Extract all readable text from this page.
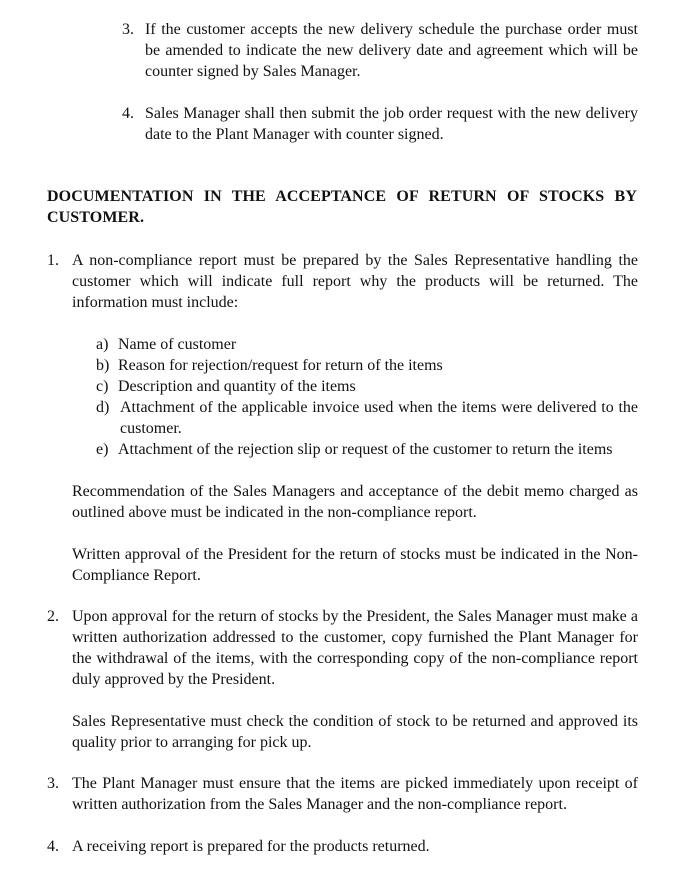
3. If the customer accepts the new delivery schedule the purchase order must be amended to indicate the new delivery date and agreement which will be counter signed by Sales Manager.
4. Sales Manager shall then submit the job order request with the new delivery date to the Plant Manager with counter signed.
DOCUMENTATION IN THE ACCEPTANCE OF RETURN OF STOCKS BY CUSTOMER.
1. A non-compliance report must be prepared by the Sales Representative handling the customer which will indicate full report why the products will be returned. The information must include:
a) Name of customer
b) Reason for rejection/request for return of the items
c) Description and quantity of the items
d) Attachment of the applicable invoice used when the items were delivered to the customer.
e) Attachment of the rejection slip or request of the customer to return the items
Recommendation of the Sales Managers and acceptance of the debit memo charged as outlined above must be indicated in the non-compliance report.
Written approval of the President for the return of stocks must be indicated in the Non-Compliance Report.
2. Upon approval for the return of stocks by the President, the Sales Manager must make a written authorization addressed to the customer, copy furnished the Plant Manager for the withdrawal of the items, with the corresponding copy of the non-compliance report duly approved by the President.
Sales Representative must check the condition of stock to be returned and approved its quality prior to arranging for pick up.
3. The Plant Manager must ensure that the items are picked immediately upon receipt of written authorization from the Sales Manager and the non-compliance report.
4. A receiving report is prepared for the products returned.
